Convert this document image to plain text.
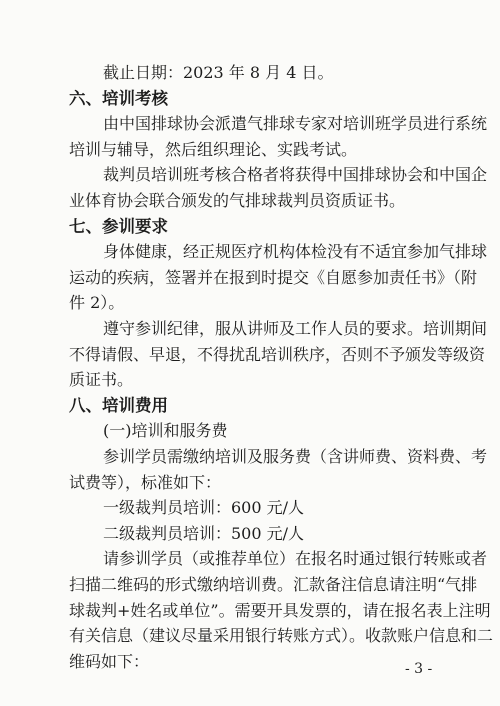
截止日期：2023 年 8 月 4 日。
六、培训考核
由中国排球协会派遣气排球专家对培训班学员进行系统
培训与辅导，然后组织理论、实践考试。
裁判员培训班考核合格者将获得中国排球协会和中国企
业体育协会联合颁发的气排球裁判员资质证书。
七、参训要求
身体健康，经正规医疗机构体检没有不适宜参加气排球
运动的疾病，签署并在报到时提交《自愿参加责任书》（附
件 2）。
遵守参训纪律，服从讲师及工作人员的要求。培训期间
不得请假、早退，不得扰乱培训秩序，否则不予颁发等级资
质证书。
八、培训费用
(一)培训和服务费
参训学员需缴纳培训及服务费（含讲师费、资料费、考
试费等），标准如下：
一级裁判员培训：600 元/人
二级裁判员培训：500 元/人
请参训学员（或推荐单位）在报名时通过银行转账或者
扫描二维码的形式缴纳培训费。汇款备注信息请注明“气排
- 3 -
球裁判+姓名或单位”。需要开具发票的，请在报名表上注明
有关信息（建议尽量采用银行转账方式）。收款账户信息和二
维码如下：
